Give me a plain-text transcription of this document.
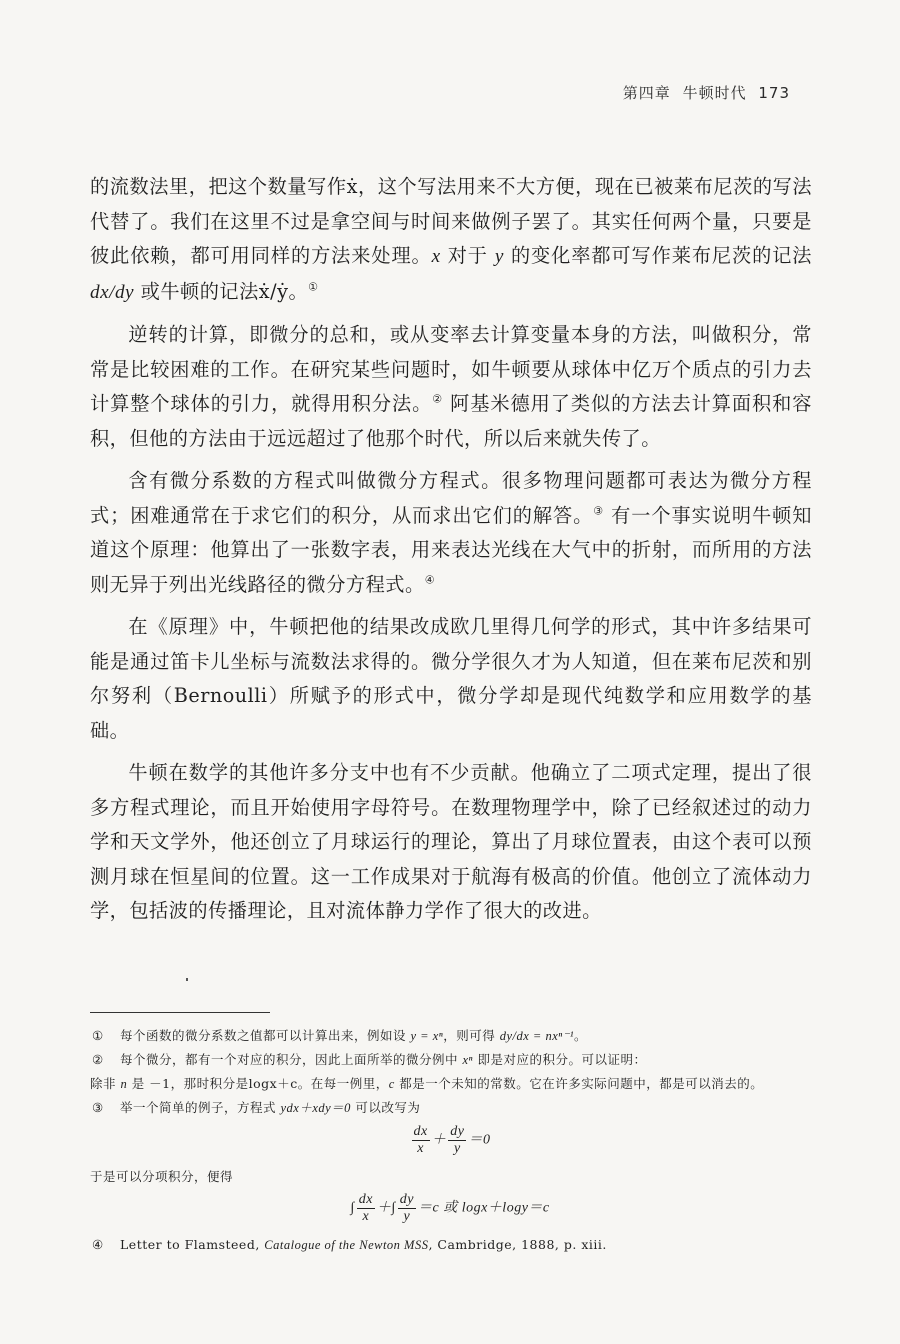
第四章 牛顿时代 173

的流数法里，把这个数量写作ẋ，这个写法用来不大方便，现在已被莱布尼茨的写法代替了。我们在这里不过是拿空间与时间来做例子罢了。其实任何两个量，只要是彼此依赖，都可用同样的方法来处理。x 对于 y 的变化率都可写作莱布尼茨的记法 dx/dy 或牛顿的记法ẋ/ẏ。①

逆转的计算，即微分的总和，或从变率去计算变量本身的方法，叫做积分，常常是比较困难的工作。在研究某些问题时，如牛顿要从球体中亿万个质点的引力去计算整个球体的引力，就得用积分法。② 阿基米德用了类似的方法去计算面积和容积，但他的方法由于远远超过了他那个时代，所以后来就失传了。

含有微分系数的方程式叫做微分方程式。很多物理问题都可表达为微分方程式；困难通常在于求它们的积分，从而求出它们的解答。③ 有一个事实说明牛顿知道这个原理：他算出了一张数字表，用来表达光线在大气中的折射，而所用的方法则无异于列出光线路径的微分方程式。④

在《原理》中，牛顿把他的结果改成欧几里得几何学的形式，其中许多结果可能是通过笛卡儿坐标与流数法求得的。微分学很久才为人知道，但在莱布尼茨和别尔努利（Bernoulli）所赋予的形式中，微分学却是现代纯数学和应用数学的基础。

牛顿在数学的其他许多分支中也有不少贡献。他确立了二项式定理，提出了很多方程式理论，而且开始使用字母符号。在数理物理学中，除了已经叙述过的动力学和天文学外，他还创立了月球运行的理论，算出了月球位置表，由这个表可以预测月球在恒星间的位置。这一工作成果对于航海有极高的价值。他创立了流体动力学，包括波的传播理论，且对流体静力学作了很大的改进。

① 每个函数的微分系数之值都可以计算出来，例如设 y = xⁿ，则可得 dy/dx = nxⁿ⁻¹。

② 每个微分，都有一个对应的积分，因此上面所举的微分例中 xⁿ 即是对应的积分。可以证明：

除非 n 是 －1，那时积分是logx＋c。在每一例里，c 都是一个未知的常数。它在许多实际问题中，都是可以消去的。

③ 举一个简单的例子，方程式 ydx＋xdy＝0 可以改写为

$\frac{dx}{x} + \frac{dy}{y} =0$

于是可以分项积分，便得

∫ $\frac{dx}{x}$ ＋∫ $\frac{dy}{y} =c$ 或 logx＋logy＝c

④ Letter to Flamsteed, Catalogue of the Newton MSS, Cambridge, 1888, p. xiii.
